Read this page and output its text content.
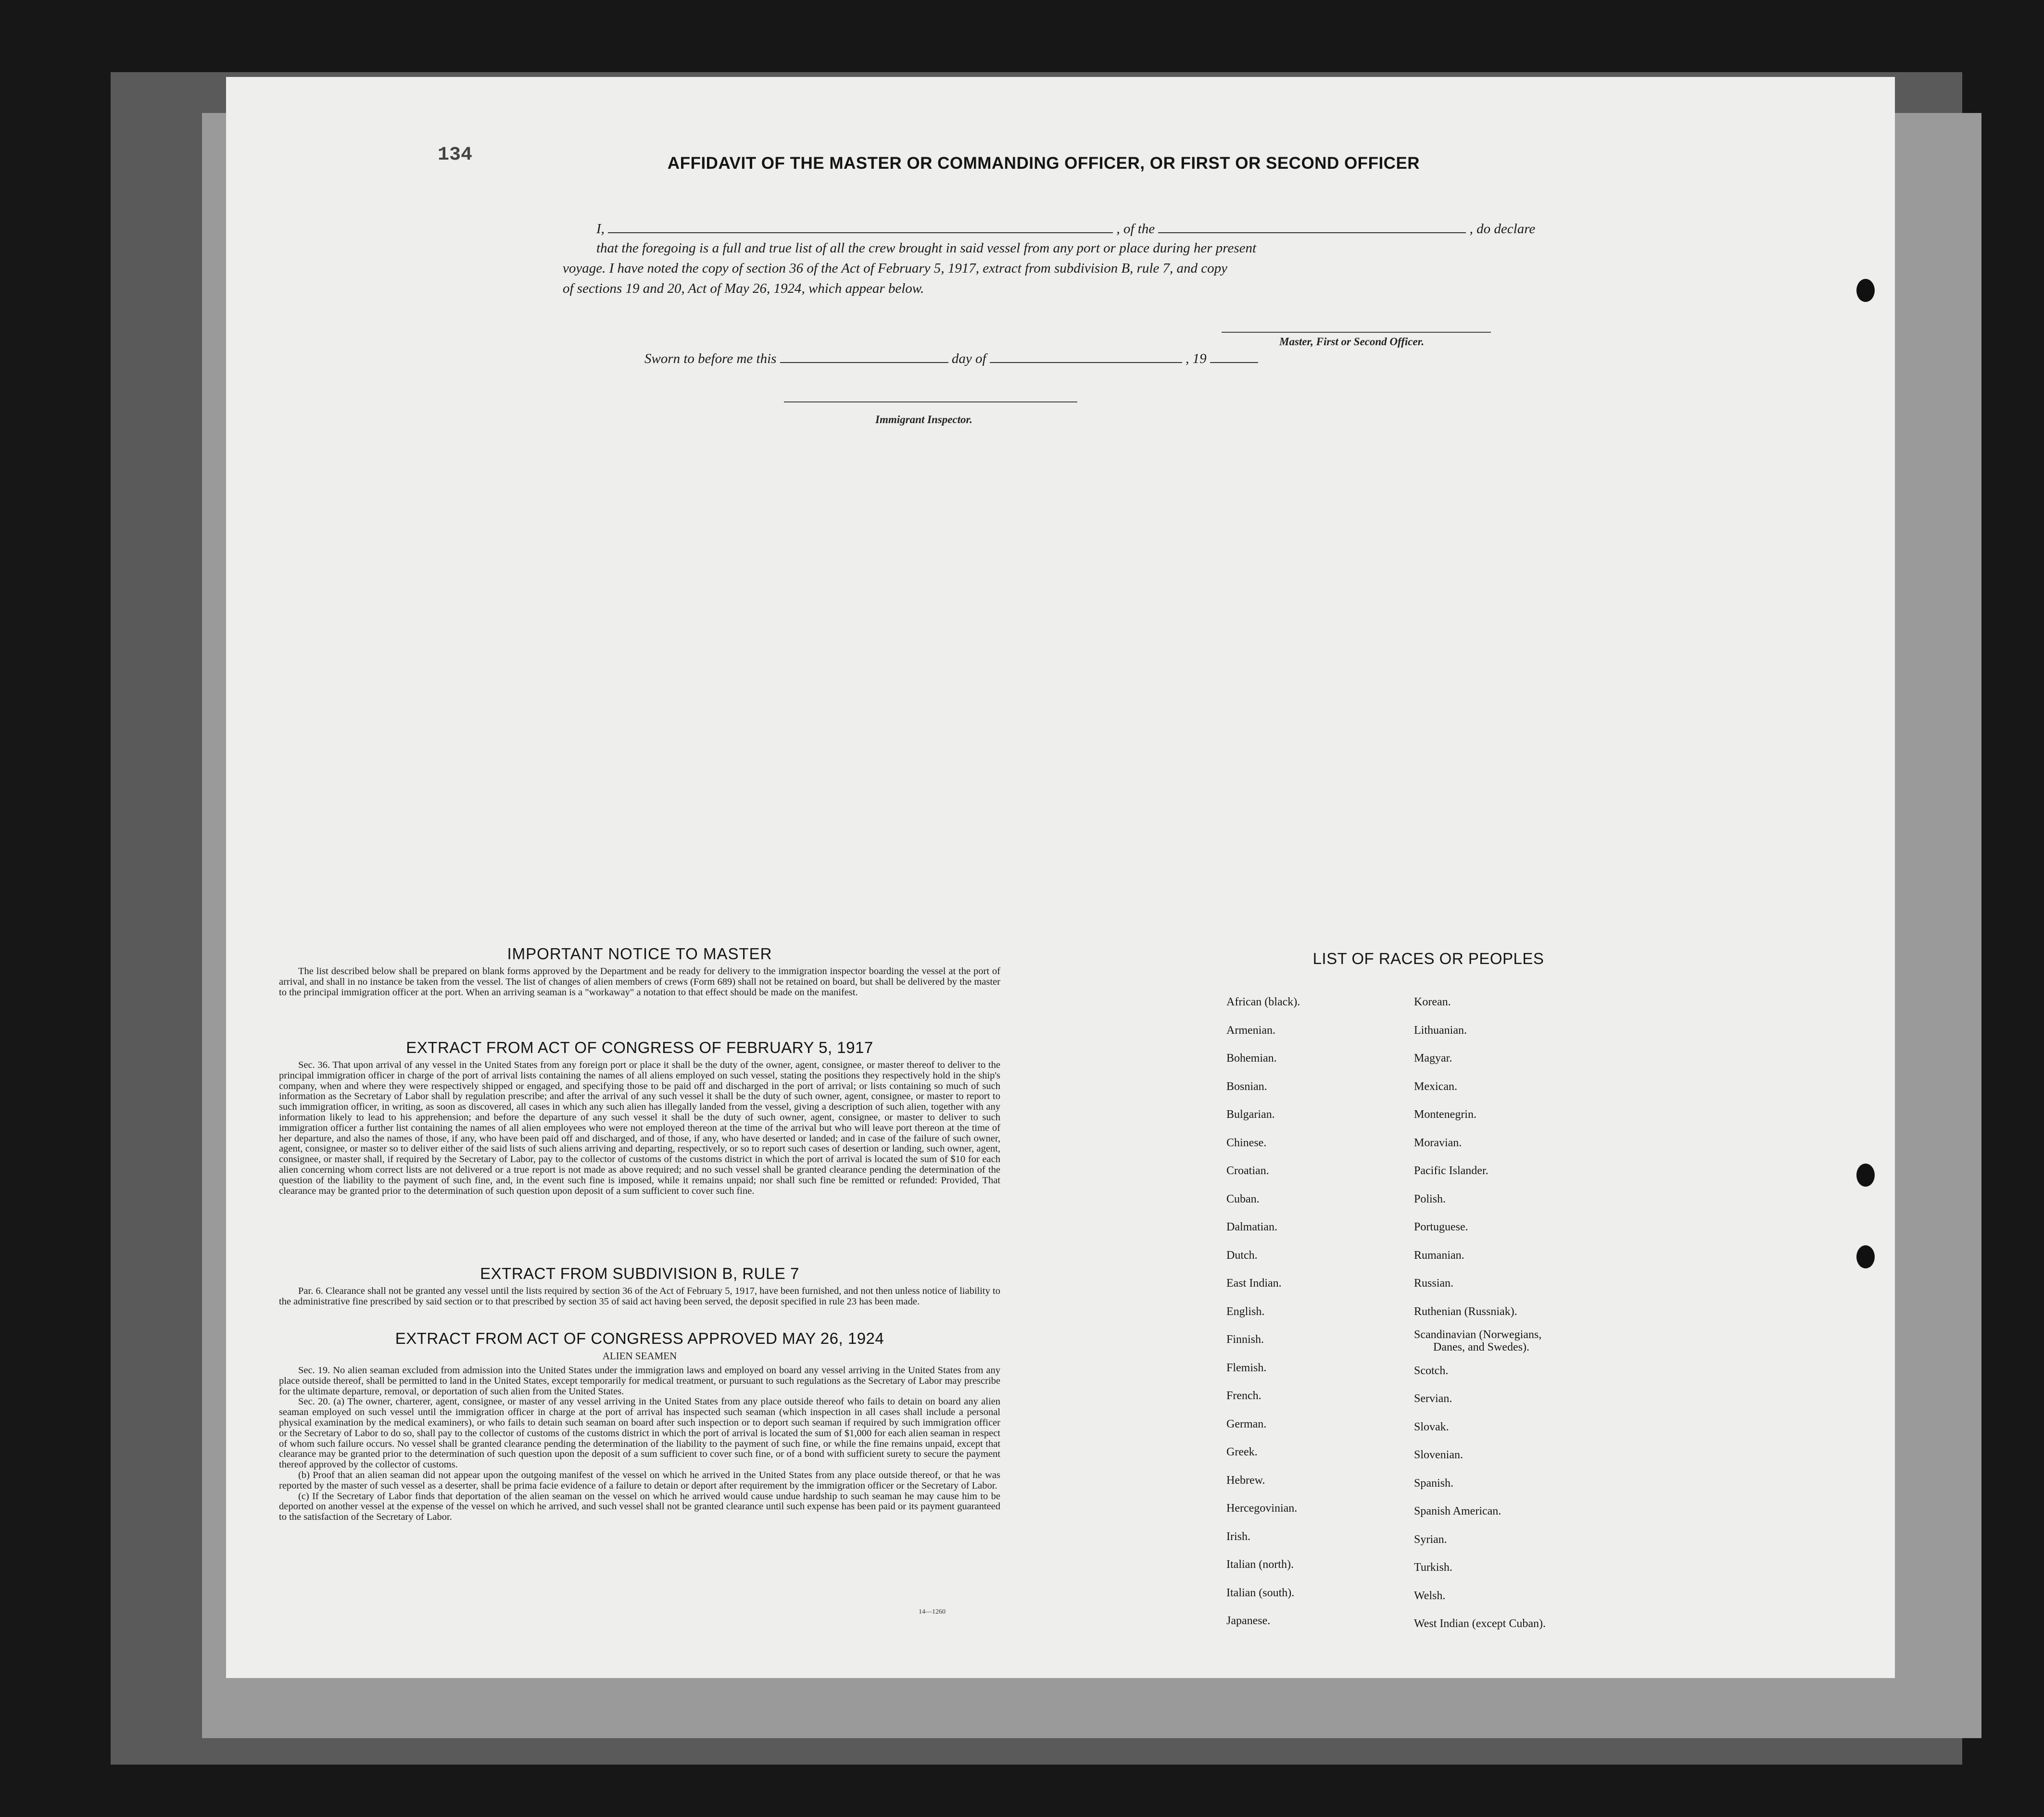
134	AFFIDAVIT OF THE MASTER OR COMMANDING OFFICER, OR FIRST OR SECOND OFFICER
I,	, of the	, do declare
that the foregoing is a full and true list of all the crew brought in said vessel from any port or place during her present
voyage. I have noted the copy of section 36 of the Act of February 5, 1917, extract from subdivision B, rule 7, and copy
of sections 19 and 20, Act of May 26, 1924, which appear below.
Master, First or Second Officer.
Sworn to before me this	day of	, 19
Immigrant Inspector.
IMPORTANT NOTICE TO MASTER

The list described below shall be prepared on blank forms approved by the Department and be ready for delivery to the immigration inspector boarding the vessel at the port of arrival, and shall in no instance be taken from the vessel. The list of changes of alien members of crews (Form 689) shall not be retained on board, but shall be delivered by the master to the principal immigration officer at the port. When an arriving seaman is a "workaway" a notation to that effect should be made on the manifest.

EXTRACT FROM ACT OF CONGRESS OF FEBRUARY 5, 1917

Sec. 36. That upon arrival of any vessel in the United States from any foreign port or place it shall be the duty of the owner, agent, consignee, or master thereof to deliver to the principal immigration officer in charge of the port of arrival lists containing the names of all aliens employed on such vessel, stating the positions they respectively hold in the ship's company, when and where they were respectively shipped or engaged, and specifying those to be paid off and discharged in the port of arrival; or lists containing so much of such information as the Secretary of Labor shall by regulation prescribe; and after the arrival of any such vessel it shall be the duty of such owner, agent, consignee, or master to report to such immigration officer, in writing, as soon as discovered, all cases in which any such alien has illegally landed from the vessel, giving a description of such alien, together with any information likely to lead to his apprehension; and before the departure of any such vessel it shall be the duty of such owner, agent, consignee, or master to deliver to such immigration officer a further list containing the names of all alien employees who were not employed thereon at the time of the arrival but who will leave port thereon at the time of her departure, and also the names of those, if any, who have been paid off and discharged, and of those, if any, who have deserted or landed; and in case of the failure of such owner, agent, consignee, or master so to deliver either of the said lists of such aliens arriving and departing, respectively, or so to report such cases of desertion or landing, such owner, agent, consignee, or master shall, if required by the Secretary of Labor, pay to the collector of customs of the customs district in which the port of arrival is located the sum of $10 for each alien concerning whom correct lists are not delivered or a true report is not made as above required; and no such vessel shall be granted clearance pending the determination of the question of the liability to the payment of such fine, and, in the event such fine is imposed, while it remains unpaid; nor shall such fine be remitted or refunded: Provided, That clearance may be granted prior to the determination of such question upon deposit of a sum sufficient to cover such fine.

EXTRACT FROM SUBDIVISION B, RULE 7

Par. 6. Clearance shall not be granted any vessel until the lists required by section 36 of the Act of February 5, 1917, have been furnished, and not then unless notice of liability to the administrative fine prescribed by said section or to that prescribed by section 35 of said act having been served, the deposit specified in rule 23 has been made.

EXTRACT FROM ACT OF CONGRESS APPROVED MAY 26, 1924
ALIEN SEAMEN

Sec. 19. No alien seaman excluded from admission into the United States under the immigration laws and employed on board any vessel arriving in the United States from any place outside thereof, shall be permitted to land in the United States, except temporarily for medical treatment, or pursuant to such regulations as the Secretary of Labor may prescribe for the ultimate departure, removal, or deportation of such alien from the United States.

Sec. 20. (a) The owner, charterer, agent, consignee, or master of any vessel arriving in the United States from any place outside thereof who fails to detain on board any alien seaman employed on such vessel until the immigration officer in charge at the port of arrival has inspected such seaman (which inspection in all cases shall include a personal physical examination by the medical examiners), or who fails to detain such seaman on board after such inspection or to deport such seaman if required by such immigration officer or the Secretary of Labor to do so, shall pay to the collector of customs of the customs district in which the port of arrival is located the sum of $1,000 for each alien seaman in respect of whom such failure occurs. No vessel shall be granted clearance pending the determination of the liability to the payment of such fine, or while the fine remains unpaid, except that clearance may be granted prior to the determination of such question upon the deposit of a sum sufficient to cover such fine, or of a bond with sufficient surety to secure the payment thereof approved by the collector of customs.

(b) Proof that an alien seaman did not appear upon the outgoing manifest of the vessel on which he arrived in the United States from any place outside thereof, or that he was reported by the master of such vessel as a deserter, shall be prima facie evidence of a failure to detain or deport after requirement by the immigration officer or the Secretary of Labor.

(c) If the Secretary of Labor finds that deportation of the alien seaman on the vessel on which he arrived would cause undue hardship to such seaman he may cause him to be deported on another vessel at the expense of the vessel on which he arrived, and such vessel shall not be granted clearance until such expense has been paid or its payment guaranteed to the satisfaction of the Secretary of Labor.

14—1260
LIST OF RACES OR PEOPLES
African (black).
Armenian.
Bohemian.
Bosnian.
Bulgarian.
Chinese.
Croatian.
Cuban.
Dalmatian.
Dutch.
East Indian.
English.
Finnish.
Flemish.
French.
German.
Greek.
Hebrew.
Hercegovinian.
Irish.
Italian (north).
Italian (south).
Japanese.
Korean.
Lithuanian.
Magyar.
Mexican.
Montenegrin.
Moravian.
Pacific Islander.
Polish.
Portuguese.
Rumanian.
Russian.
Ruthenian (Russniak).
Scandinavian (Norwegians,
Danes, and Swedes).
Scotch.
Servian.
Slovak.
Slovenian.
Spanish.
Spanish American.
Syrian.
Turkish.
Welsh.
West Indian (except Cuban).
